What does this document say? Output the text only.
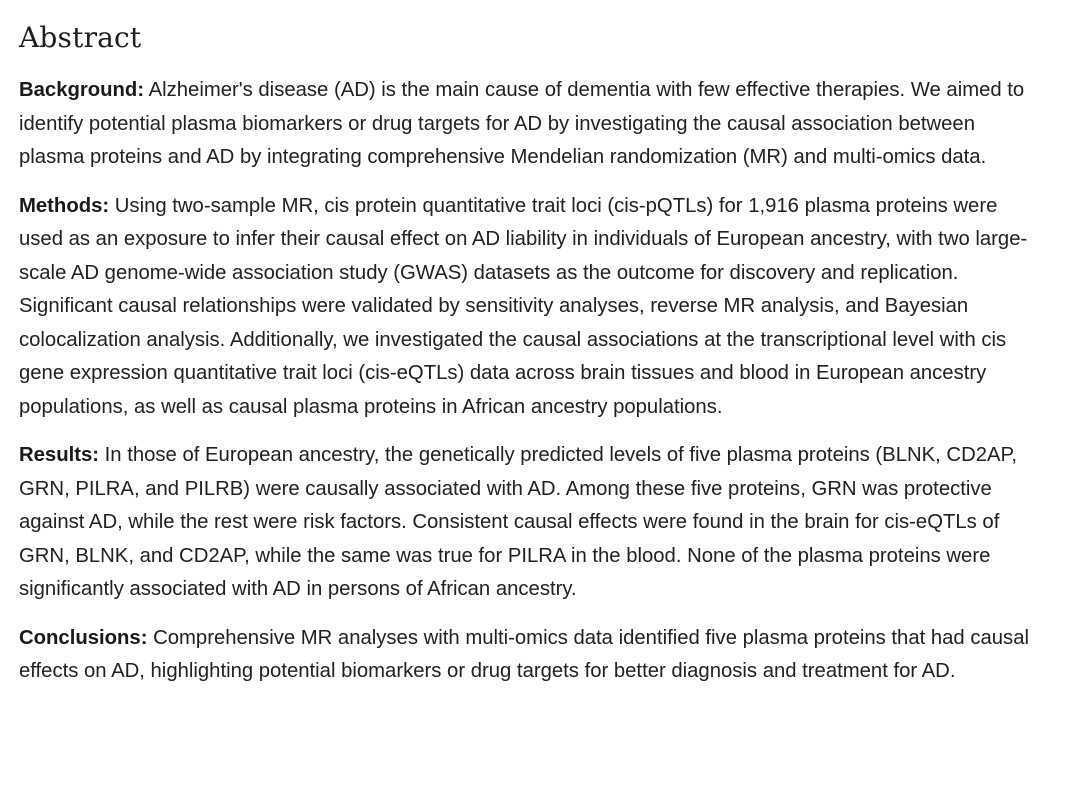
Abstract

Background: Alzheimer's disease (AD) is the main cause of dementia with few effective therapies. We aimed to identify potential plasma biomarkers or drug targets for AD by investigating the causal association between plasma proteins and AD by integrating comprehensive Mendelian randomization (MR) and multi-omics data.

Methods: Using two-sample MR, cis protein quantitative trait loci (cis-pQTLs) for 1,916 plasma proteins were used as an exposure to infer their causal effect on AD liability in individuals of European ancestry, with two large-scale AD genome-wide association study (GWAS) datasets as the outcome for discovery and replication. Significant causal relationships were validated by sensitivity analyses, reverse MR analysis, and Bayesian colocalization analysis. Additionally, we investigated the causal associations at the transcriptional level with cis gene expression quantitative trait loci (cis-eQTLs) data across brain tissues and blood in European ancestry populations, as well as causal plasma proteins in African ancestry populations.

Results: In those of European ancestry, the genetically predicted levels of five plasma proteins (BLNK, CD2AP, GRN, PILRA, and PILRB) were causally associated with AD. Among these five proteins, GRN was protective against AD, while the rest were risk factors. Consistent causal effects were found in the brain for cis-eQTLs of GRN, BLNK, and CD2AP, while the same was true for PILRA in the blood. None of the plasma proteins were significantly associated with AD in persons of African ancestry.

Conclusions: Comprehensive MR analyses with multi-omics data identified five plasma proteins that had causal effects on AD, highlighting potential biomarkers or drug targets for better diagnosis and treatment for AD.
